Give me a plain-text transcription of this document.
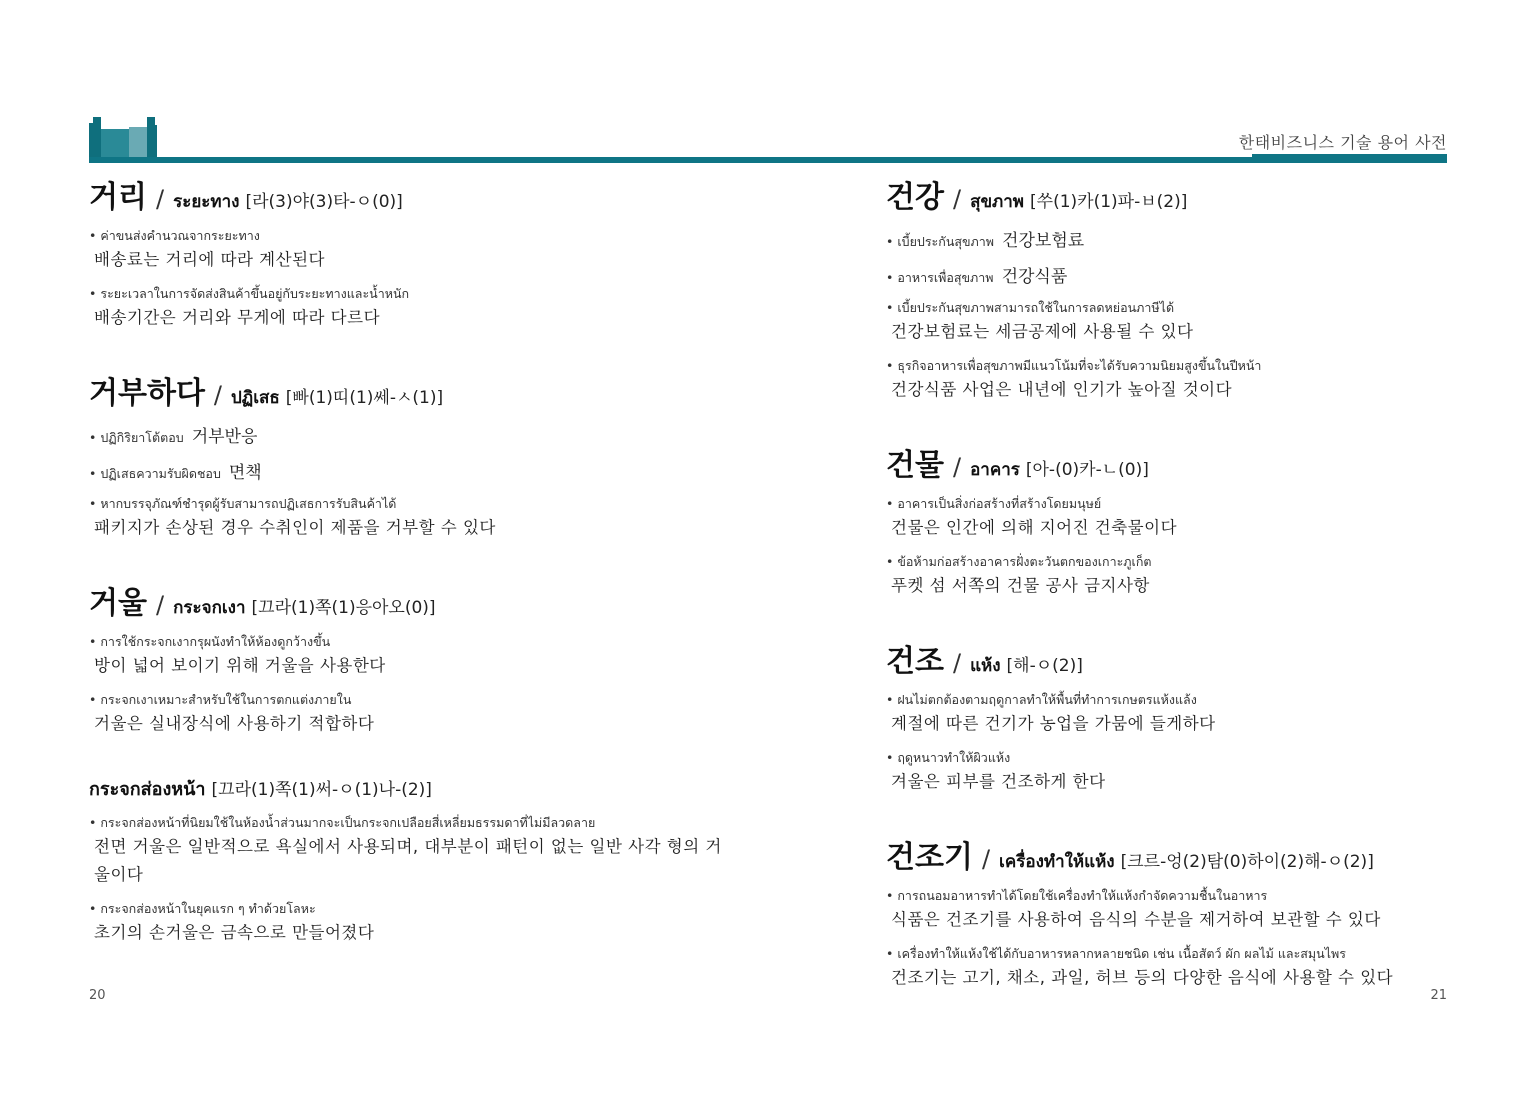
한태비즈니스 기술 용어 사전
거리 / ระยะทาง [라(3)야(3)타-ㅇ(0)]
• ค่าขนส่งคำนวณจากระยะทาง
배송료는 거리에 따라 계산된다
• ระยะเวลาในการจัดส่งสินค้าขึ้นอยู่กับระยะทางและน้ำหนัก
배송기간은 거리와 무게에 따라 다르다
거부하다 / ปฏิเสธ [빠(1)띠(1)쎄-ㅅ(1)]
• ปฏิกิริยาโต้ตอบ 거부반응
• ปฏิเสธความรับผิดชอบ 면책
• หากบรรจุภัณฑ์ชำรุดผู้รับสามารถปฏิเสธการรับสินค้าได้
패키지가 손상된 경우 수취인이 제품을 거부할 수 있다
거울 / กระจกเงา [끄라(1)쪽(1)응아오(0)]
• การใช้กระจกเงากรุผนังทำให้ห้องดูกว้างขึ้น
방이 넓어 보이기 위해 거울을 사용한다
• กระจกเงาเหมาะสำหรับใช้ในการตกแต่งภายใน
거울은 실내장식에 사용하기 적합하다
กระจกส่องหน้า [끄라(1)쪽(1)써-ㅇ(1)나-(2)]
• กระจกส่องหน้าที่นิยมใช้ในห้องน้ำส่วนมากจะเป็นกระจกเปลือยสี่เหลี่ยมธรรมดาที่ไม่มีลวดลาย
전면 거울은 일반적으로 욕실에서 사용되며, 대부분이 패턴이 없는 일반 사각 형의 거울이다
• กระจกส่องหน้าในยุคแรก ๆ ทำด้วยโลหะ
초기의 손거울은 금속으로 만들어졌다
건강 / สุขภาพ [쑤(1)카(1)파-ㅂ(2)]
• เบี้ยประกันสุขภาพ 건강보험료
• อาหารเพื่อสุขภาพ 건강식품
• เบี้ยประกันสุขภาพสามารถใช้ในการลดหย่อนภาษีได้
건강보험료는 세금공제에 사용될 수 있다
• ธุรกิจอาหารเพื่อสุขภาพมีแนวโน้มที่จะได้รับความนิยมสูงขึ้นในปีหน้า
건강식품 사업은 내년에 인기가 높아질 것이다
건물 / อาคาร [아-(0)카-ㄴ(0)]
• อาคารเป็นสิ่งก่อสร้างที่สร้างโดยมนุษย์
건물은 인간에 의해 지어진 건축물이다
• ข้อห้ามก่อสร้างอาคารฝั่งตะวันตกของเกาะภูเก็ต
푸켓 섬 서쪽의 건물 공사 금지사항
건조 / แห้ง [해-ㅇ(2)]
• ฝนไม่ตกต้องตามฤดูกาลทำให้พื้นที่ทำการเกษตรแห้งแล้ง
계절에 따른 건기가 농업을 가뭄에 들게하다
• ฤดูหนาวทำให้ผิวแห้ง
겨울은 피부를 건조하게 한다
건조기 / เครื่องทำให้แห้ง [크르-엉(2)탐(0)하이(2)해-ㅇ(2)]
• การถนอมอาหารทำได้โดยใช้เครื่องทำให้แห้งกำจัดความชื้นในอาหาร
식품은 건조기를 사용하여 음식의 수분을 제거하여 보관할 수 있다
• เครื่องทำให้แห้งใช้ได้กับอาหารหลากหลายชนิด เช่น เนื้อสัตว์ ผัก ผลไม้ และสมุนไพร
건조기는 고기, 채소, 과일, 허브 등의 다양한 음식에 사용할 수 있다
20	21
